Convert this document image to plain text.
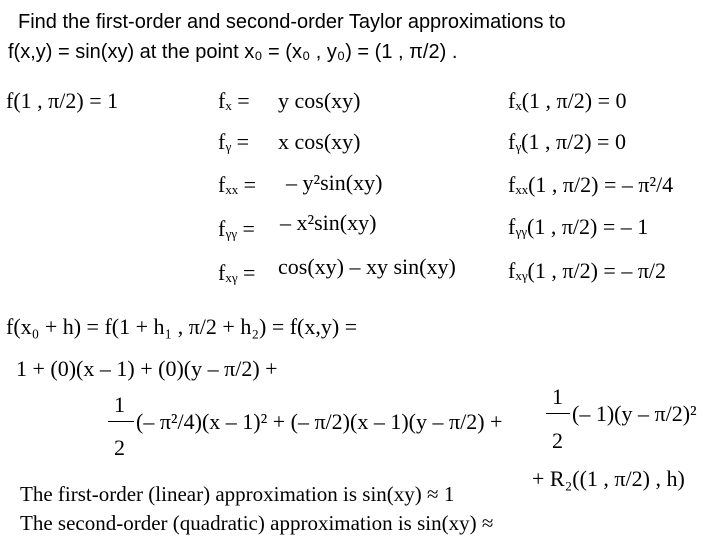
Find the first-order and second-order Taylor approximations to
f(x,y) = sin(xy) at the point x₀ = (x₀ , y₀) = (1 , π/2) .
f(1 , π/2) = 1	fₓ = y cos(xy)	fₓ(1 , π/2) = 0
fᵧ = x cos(xy)	fᵧ(1 , π/2) = 0
fₓₓ = – y²sin(xy)	fₓₓ(1 , π/2) = – π²/4
fᵧᵧ = – x²sin(xy)	fᵧᵧ(1 , π/2) = – 1
fₓᵧ = cos(xy) – xy sin(xy) fₓᵧ(1 , π/2) = – π/2
f(x₀ + h) = f(1 + h₁ , π/2 + h₂) = f(x,y) =
1 + (0)(x – 1) + (0)(y – π/2) +
1
2
(– π²/4)(x – 1)² + (– π/2)(x – 1)(y – π/2) +
1
2
(– 1)(y – π/2)²
+ R₂((1 , π/2) , h)
The first-order (linear) approximation is sin(xy) ≈ 1
The second-order (quadratic) approximation is sin(xy) ≈
